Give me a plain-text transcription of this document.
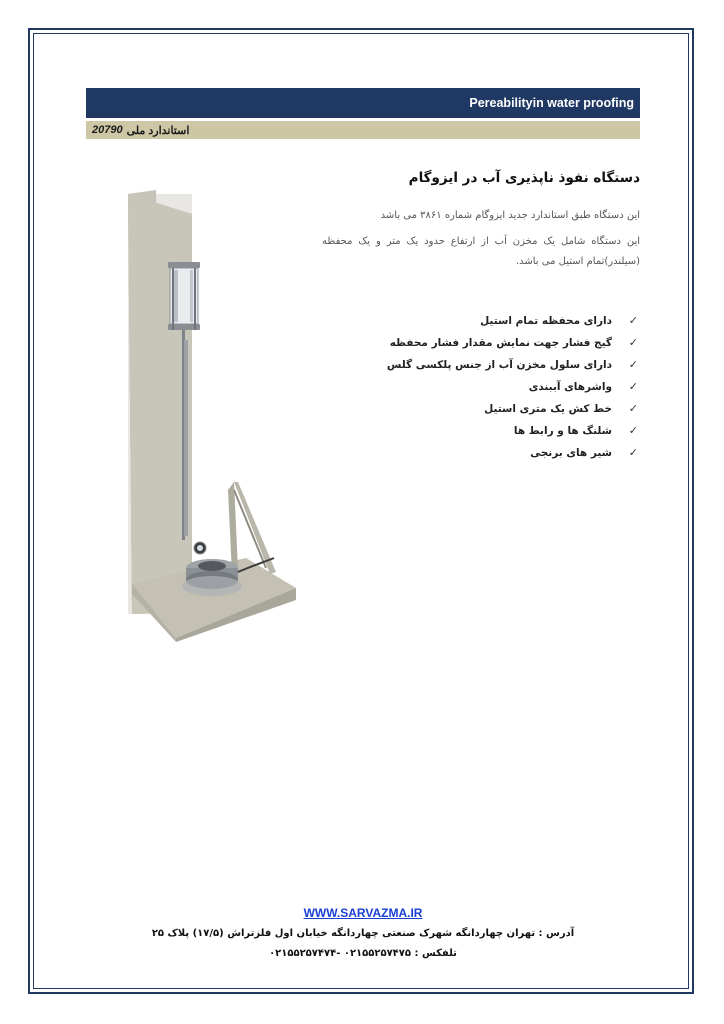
Pereabilityin water proofing
20790 استاندارد ملی
دستگاه نفوذ ناپذیری آب در ایزوگام

این دستگاه طبق استاندارد جدید ایزوگام شماره ۳۸۶۱ می باشد

این دستگاه شامل یک مخزن آب از ارتفاع حدود یک متر و یک محفظه (سیلندر)تمام استیل می باشد.

✓
دارای محفظه تمام استیل
✓
گیج فشار جهت نمایش مقدار فشار محفظه
✓
دارای سلول مخزن آب از جنس پلکسی گلس
✓
واشرهای آببندی
✓
خط کش یک متری استیل
✓
شلنگ ها و رابط ها
✓
شیر های برنجی
WWW.SARVAZMA.IR
آدرس : تهران چهاردانگه شهرک صنعتی چهاردانگه خیابان اول فلزتراش (۱۷/۵) پلاک ۲۵
تلفکس : ۰۲۱۵۵۲۵۷۴۷۵ -۰۲۱۵۵۲۵۷۴۷۴
